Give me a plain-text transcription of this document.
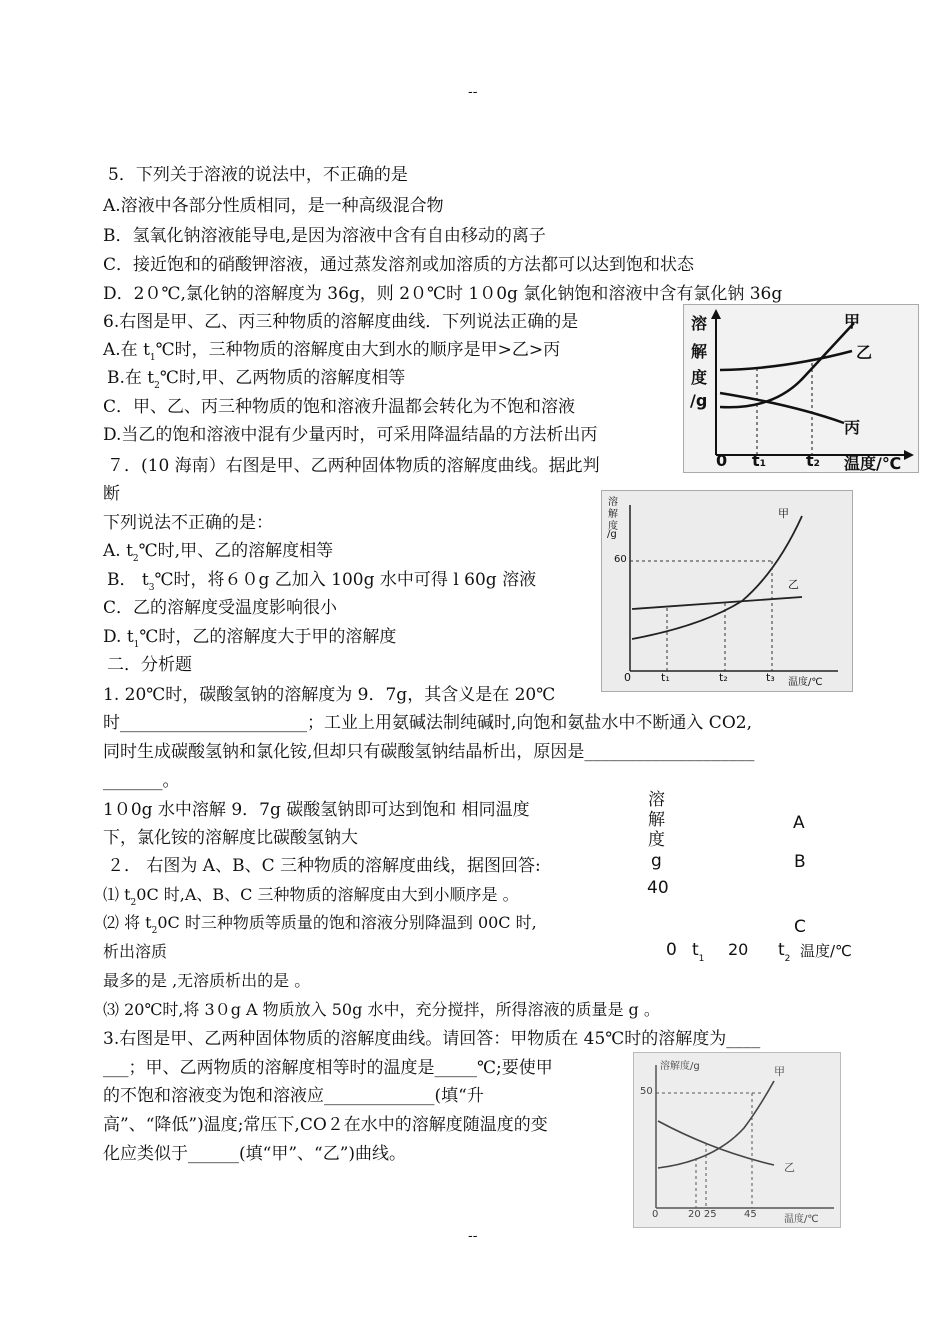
--
5．下列关于溶液的说法中，不正确的是
A.溶液中各部分性质相同，是一种高级混合物
B．氢氧化钠溶液能导电,是因为溶液中含有自由移动的离子
C．接近饱和的硝酸钾溶液，通过蒸发溶剂或加溶质的方法都可以达到饱和状态
D．2０℃,氯化钠的溶解度为 36g，则 2０℃时 1０0g 氯化钠饱和溶液中含有氯化钠 36g
6.右图是甲、乙、丙三种物质的溶解度曲线．下列说法正确的是
A.在 $t_1℃$时，三种物质的溶解度由大到水的顺序是甲>乙>丙
B.在 $t_2℃$时,甲、乙两物质的溶解度相等
C．甲、乙、丙三种物质的饱和溶液升温都会转化为不饱和溶液
D.当乙的饱和溶液中混有少量丙时，可采用降温结晶的方法析出丙
溶
解
度
/g
甲
乙
丙
0 t1	t2 温度/℃
７．(10 海南）右图是甲、乙两种固体物质的溶解度曲线。据此判
断
下列说法不正确的是：
A. $t_2℃$时,甲、乙的溶解度相等
B． $t_3℃$时，将６０g 乙加入 100g 水中可得 l 60g 溶液
C．乙的溶解度受温度影响很小
D. $t_1℃$时，乙的溶解度大于甲的溶解度
溶
解
度
/g
60
甲
乙
0	t₁	t₂	t₃ 温度/℃
二．分析题
1. 20℃时，碳酸氢钠的溶解度为 9．7g，其含义是在 20℃
时______________________；工业上用氨碱法制纯碱时,向饱和氨盐水中不断通入 CO2,
同时生成碳酸氢钠和氯化铵,但却只有碳酸氢钠结晶析出，原因是____________________
_______。
1０0g 水中溶解 9．7g 碳酸氢钠即可达到饱和 相同温度
下，氯化铵的溶解度比碳酸氢钠大
２． 右图为 A、B、C 三种物质的溶解度曲线，据图回答:
⑴ $t_20C$ 时,A、B、C 三种物质的溶解度由大到小顺序是 。
⑵ 将 $t_20C$ 时三种物质等质量的饱和溶液分别降温到 00C 时,
析出溶质
最多的是 ,无溶质析出的是 。
⑶ 20℃时,将 3０g A 物质放入 50g 水中，充分搅拌，所得溶液的质量是 g 。
溶
解
度
g
40
A
B
C
0 $t_1$ 20 $t_2$ 温度/℃
3.右图是甲、乙两种固体物质的溶解度曲线。请回答：甲物质在 45℃时的溶解度为____
___；甲、乙两物质的溶解度相等时的温度是_____℃;要使甲
的不饱和溶液变为饱和溶液应_____________(填“升
高”、“降低”)温度;常压下,CO２在水中的溶解度随温度的变
化应类似于______(填“甲”、“乙”)曲线。
溶解度/g
50
甲
乙
0	20 25	45	温度/℃
--
